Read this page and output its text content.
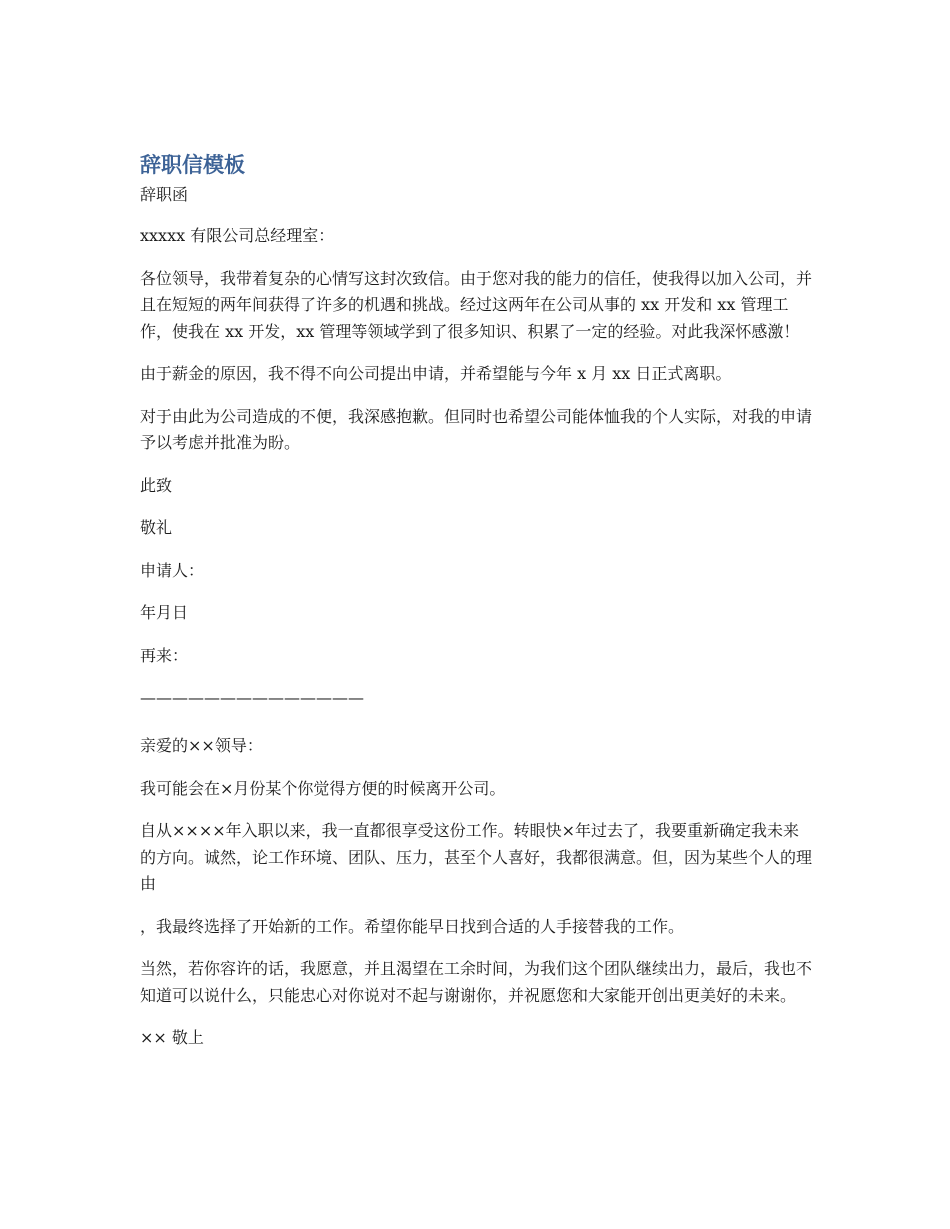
辞职信模板

辞职函

xxxxx 有限公司总经理室：

各位领导，我带着复杂的心情写这封次致信。由于您对我的能力的信任，使我得以加入公司，并且在短短的两年间获得了许多的机遇和挑战。经过这两年在公司从事的 xx 开发和 xx 管理工作，使我在 xx 开发，xx 管理等领域学到了很多知识、积累了一定的经验。对此我深怀感激！

由于薪金的原因，我不得不向公司提出申请，并希望能与今年 x 月 xx 日正式离职。

对于由此为公司造成的不便，我深感抱歉。但同时也希望公司能体恤我的个人实际，对我的申请予以考虑并批准为盼。

此致

敬礼

申请人：

年月日

再来：

——————————————

亲爱的××领导：

我可能会在×月份某个你觉得方便的时候离开公司。

自从××××年入职以来，我一直都很享受这份工作。转眼快×年过去了，我要重新确定我未来的方向。诚然，论工作环境、团队、压力，甚至个人喜好，我都很满意。但，因为某些个人的理由

，我最终选择了开始新的工作。希望你能早日找到合适的人手接替我的工作。

当然，若你容许的话，我愿意，并且渴望在工余时间，为我们这个团队继续出力，最后，我也不知道可以说什么，只能忠心对你说对不起与谢谢你，并祝愿您和大家能开创出更美好的未来。

×× 敬上
